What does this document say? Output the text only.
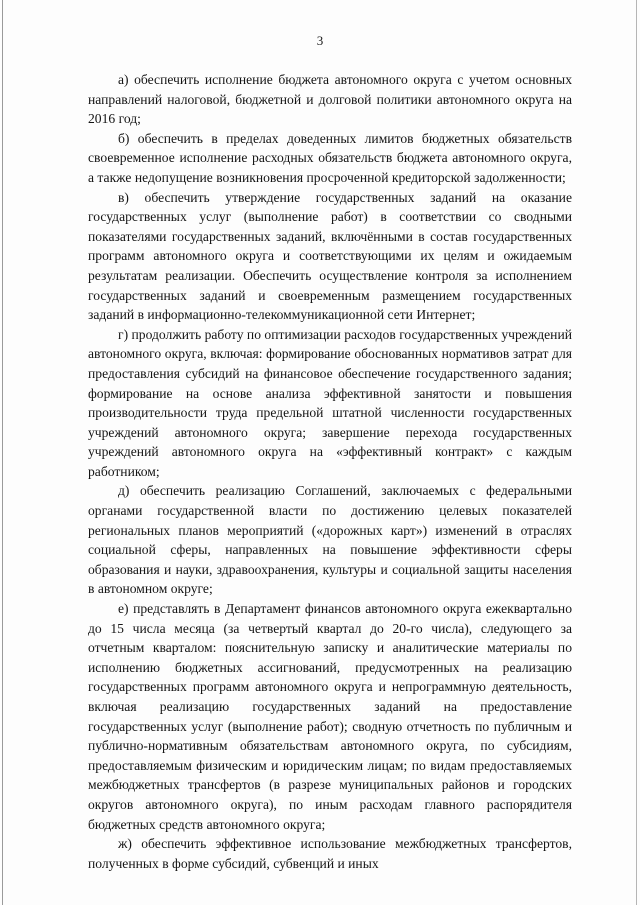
3

а) обеспечить исполнение бюджета автономного округа с учетом основных направлений налоговой, бюджетной и долговой политики автономного округа на 2016 год;

б) обеспечить в пределах доведенных лимитов бюджетных обязательств своевременное исполнение расходных обязательств бюджета автономного округа, а также недопущение возникновения просроченной кредиторской задолженности;

в) обеспечить утверждение государственных заданий на оказание государственных услуг (выполнение работ) в соответствии со сводными показателями государственных заданий, включёнными в состав государственных программ автономного округа и соответствующими их целям и ожидаемым результатам реализации. Обеспечить осуществление контроля за исполнением государственных заданий и своевременным размещением государственных заданий в информационно-телекоммуникационной сети Интернет;

г) продолжить работу по оптимизации расходов государственных учреждений автономного округа, включая: формирование обоснованных нормативов затрат для предоставления субсидий на финансовое обеспечение государственного задания; формирование на основе анализа эффективной занятости и повышения производительности труда предельной штатной численности государственных учреждений автономного округа; завершение перехода государственных учреждений автономного округа на «эффективный контракт» с каждым работником;

д) обеспечить реализацию Соглашений, заключаемых с федеральными органами государственной власти по достижению целевых показателей региональных планов мероприятий («дорожных карт») изменений в отраслях социальной сферы, направленных на повышение эффективности сферы образования и науки, здравоохранения, культуры и социальной защиты населения в автономном округе;

е) представлять в Департамент финансов автономного округа ежеквартально до 15 числа месяца (за четвертый квартал до 20-го числа), следующего за отчетным кварталом: пояснительную записку и аналитические материалы по исполнению бюджетных ассигнований, предусмотренных на реализацию государственных программ автономного округа и непрограммную деятельность, включая реализацию государственных заданий на предоставление государственных услуг (выполнение работ); сводную отчетность по публичным и публично-нормативным обязательствам автономного округа, по субсидиям, предоставляемым физическим и юридическим лицам; по видам предоставляемых межбюджетных трансфертов (в разрезе муниципальных районов и городских округов автономного округа), по иным расходам главного распорядителя бюджетных средств автономного округа;

ж) обеспечить эффективное использование межбюджетных трансфертов, полученных в форме субсидий, субвенций и иных
